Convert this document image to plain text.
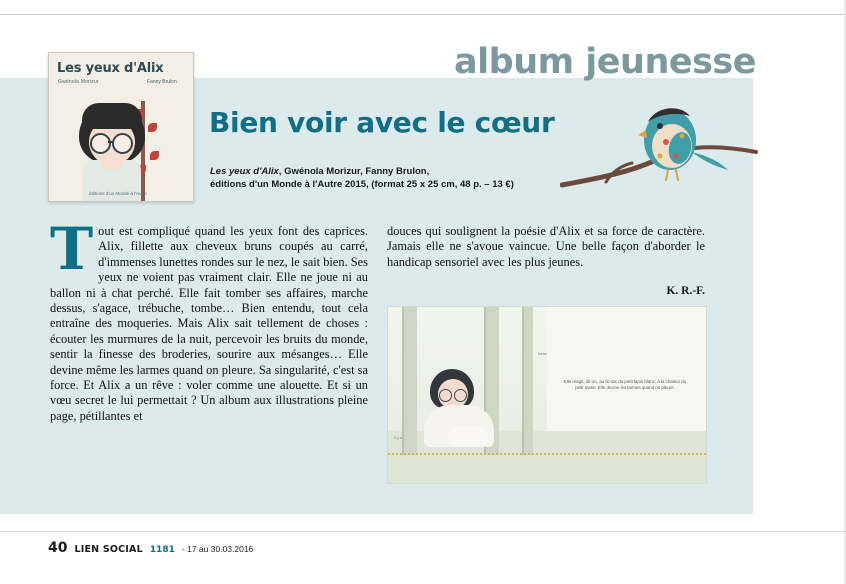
album jeunesse
Les yeux d'Alix
Gwénola Morizur	Fanny Brulon
éditions d'un Monde à l'Autre
Bien voir avec le cœur
Les yeux d'Alix, Gwénola Morizur, Fanny Brulon,
éditions d'un Monde à l'Autre 2015, (format 25 x 25 cm, 48 p. – 13 €)
Tout est compliqué quand les yeux font des caprices. Alix, fillette aux cheveux bruns coupés au carré, d'immenses lunettes rondes sur le nez, le sait bien. Ses yeux ne voient pas vraiment clair. Elle ne joue ni au ballon ni à chat perché. Elle fait tomber ses affaires, marche dessus, s'agace, trébuche, tombe… Bien entendu, tout cela entraîne des moqueries. Mais Alix sait tellement de choses : écouter les murmures de la nuit, percevoir les bruits du monde, sentir la finesse des broderies, sourire aux mésanges… Elle devine même les larmes quand on pleure. Sa singularité, c'est sa force. Et Alix a un rêve : voler comme une alouette. Et si un vœu secret le lui permettait ? Un album aux illustrations pleine page, pétillantes et
douces qui soulignent la poésie d'Alix et sa force de caractère. Jamais elle ne s'avoue vaincue. Une belle façon d'aborder le handicap sensoriel avec les plus jeunes.
K. R.-F.
Elle réagit, dit-on, au tic-tac du petit lapin blanc, à la chaleur du petit matin. Elle devine les larmes quand on pleure.
il y a
beau
40 LIEN SOCIAL 1181 - 17 au 30.03.2016
